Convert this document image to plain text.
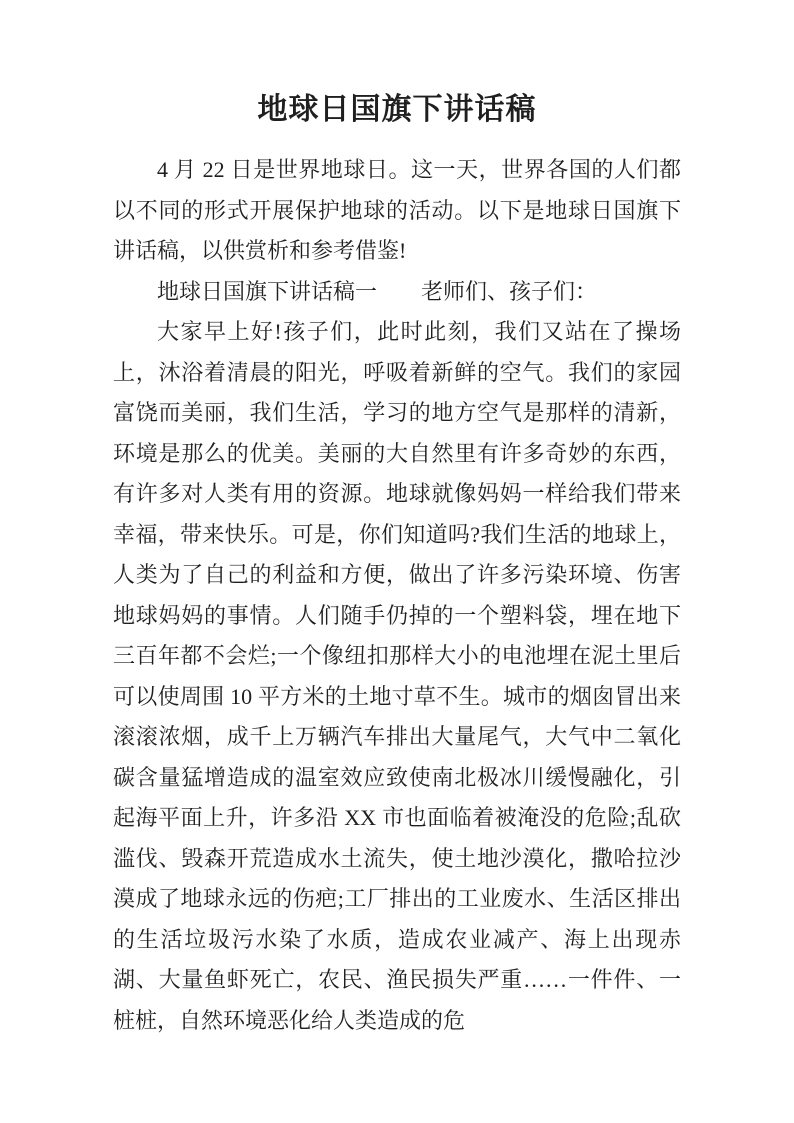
地球日国旗下讲话稿

4 月 22 日是世界地球日。这一天，世界各国的人们都以不同的形式开展保护地球的活动。以下是地球日国旗下讲话稿，以供赏析和参考借鉴!

地球日国旗下讲话稿一　　老师们、孩子们：

大家早上好!孩子们，此时此刻，我们又站在了操场上，沐浴着清晨的阳光，呼吸着新鲜的空气。我们的家园富饶而美丽，我们生活，学习的地方空气是那样的清新，环境是那么的优美。美丽的大自然里有许多奇妙的东西，有许多对人类有用的资源。地球就像妈妈一样给我们带来幸福，带来快乐。可是，你们知道吗?我们生活的地球上，人类为了自己的利益和方便，做出了许多污染环境、伤害地球妈妈的事情。人们随手仍掉的一个塑料袋，埋在地下三百年都不会烂;一个像纽扣那样大小的电池埋在泥土里后可以使周围 10 平方米的土地寸草不生。城市的烟囱冒出来滚滚浓烟，成千上万辆汽车排出大量尾气，大气中二氧化碳含量猛增造成的温室效应致使南北极冰川缓慢融化，引起海平面上升，许多沿 XX 市也面临着被淹没的危险;乱砍滥伐、毁森开荒造成水土流失，使土地沙漠化，撒哈拉沙漠成了地球永远的伤疤;工厂排出的工业废水、生活区排出的生活垃圾污水染了水质，造成农业减产、海上出现赤湖、大量鱼虾死亡，农民、渔民损失严重……一件件、一桩桩，自然环境恶化给人类造成的危
